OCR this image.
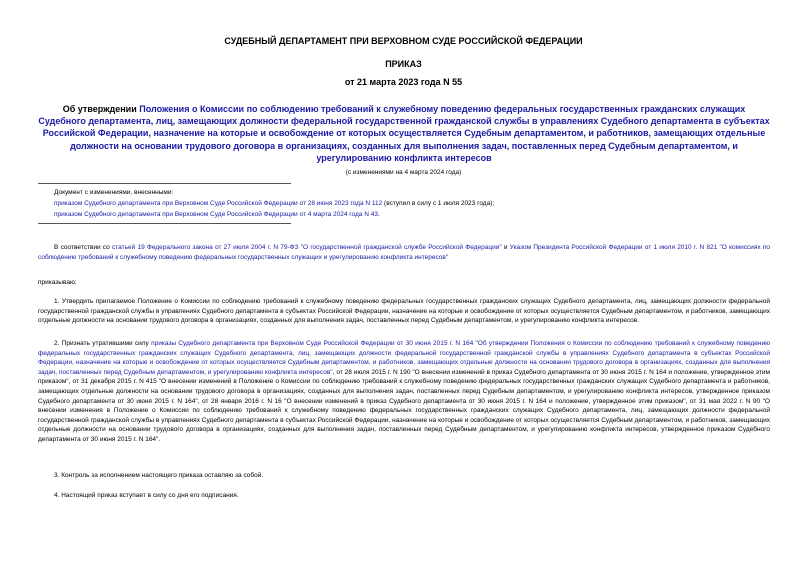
СУДЕБНЫЙ ДЕПАРТАМЕНТ ПРИ ВЕРХОВНОМ СУДЕ РОССИЙСКОЙ ФЕДЕРАЦИИ
ПРИКАЗ
от 21 марта 2023 года N 55
Об утверждении Положения о Комиссии по соблюдению требований к служебному поведению федеральных государственных гражданских служащих Судебного департамента, лиц, замещающих должности федеральной государственной гражданской службы в управлениях Судебного департамента в субъектах Российской Федерации, назначение на которые и освобождение от которых осуществляется Судебным департаментом, и работников, замещающих отдельные должности на основании трудового договора в организациях, созданных для выполнения задач, поставленных перед Судебным департаментом, и урегулированию конфликта интересов
(с изменениями на 4 марта 2024 года)
Документ с изменениями, внесенными:
приказом Судебного департамента при Верховном Суде Российской Федерации от 28 июня 2023 года N 112 (вступил в силу с 1 июля 2023 года);
приказом Судебного департамента при Верховном Суде Российской Федерации от 4 марта 2024 года N 43.
В соответствии со статьей 19 Федерального закона от 27 июля 2004 г. N 79-ФЗ "О государственной гражданской службе Российской Федерации" и Указом Президента Российской Федерации от 1 июля 2010 г. N 821 "О комиссиях по соблюдению требований к служебному поведению федеральных государственных служащих и урегулированию конфликта интересов"
приказываю:
1. Утвердить прилагаемое Положение о Комиссии по соблюдению требований к служебному поведению федеральных государственных гражданских служащих Судебного департамента, лиц, замещающих должности федеральной государственной гражданской службы в управлениях Судебного департамента в субъектах Российской Федерации, назначение на которые и освобождение от которых осуществляется Судебным департаментом, и работников, замещающих отдельные должности на основании трудового договора в организациях, созданных для выполнения задач, поставленных перед Судебным департаментом, и урегулированию конфликта интересов.
2. Признать утратившими силу приказы Судебного департамента при Верховном Суде Российской Федерации от 30 июня 2015 г. N 164 "Об утверждении Положения о Комиссии по соблюдению требований к служебному поведению федеральных государственных гражданских служащих Судебного департамента, лиц, замещающих должности федеральной государственной гражданской службы в управлениях Судебного департамента в субъектах Российской Федерации, назначение на которые и освобождение от которых осуществляется Судебным департаментом, и работников, замещающих отдельные должности на основании трудового договора в организациях, созданных для выполнения задач, поставленных перед Судебным департаментом, и урегулированию конфликта интересов", от 28 июля 2015 г. N 190 "О внесении изменений в приказ Судебного департамента от 30 июня 2015 г. N 164 и положение, утвержденное этим приказом", от 31 декабря 2015 г. N 415 "О внесении изменений в Положение о Комиссии по соблюдению требований к служебному поведению федеральных государственных гражданских служащих Судебного департамента и работников, замещающих отдельные должности на основании трудового договора в организациях, созданных для выполнения задач, поставленных перед Судебным департаментом, и урегулированию конфликта интересов, утвержденное приказом Судебного департамента от 30 июня 2015 г. N 164", от 28 января 2016 г. N 16 "О внесении изменений в приказ Судебного департамента от 30 июня 2015 г. N 164 и положение, утвержденное этим приказом", от 31 мая 2022 г. N 90 "О внесении изменения в Положение о Комиссии по соблюдению требований к служебному поведению федеральных государственных гражданских служащих Судебного департамента, лиц, замещающих должности федеральной государственной гражданской службы в управлениях Судебного департамента в субъектах Российской Федерации, назначение на которые и освобождение от которых осуществляется Судебным департаментом, и работников, замещающих отдельные должности на основании трудового договора в организациях, созданных для выполнения задач, поставленных перед Судебным департаментом, и урегулированию конфликта интересов, утвержденное приказом Судебного департамента от 30 июня 2015 г. N 164".
3. Контроль за исполнением настоящего приказа оставляю за собой.
4. Настоящий приказ вступает в силу со дня его подписания.
